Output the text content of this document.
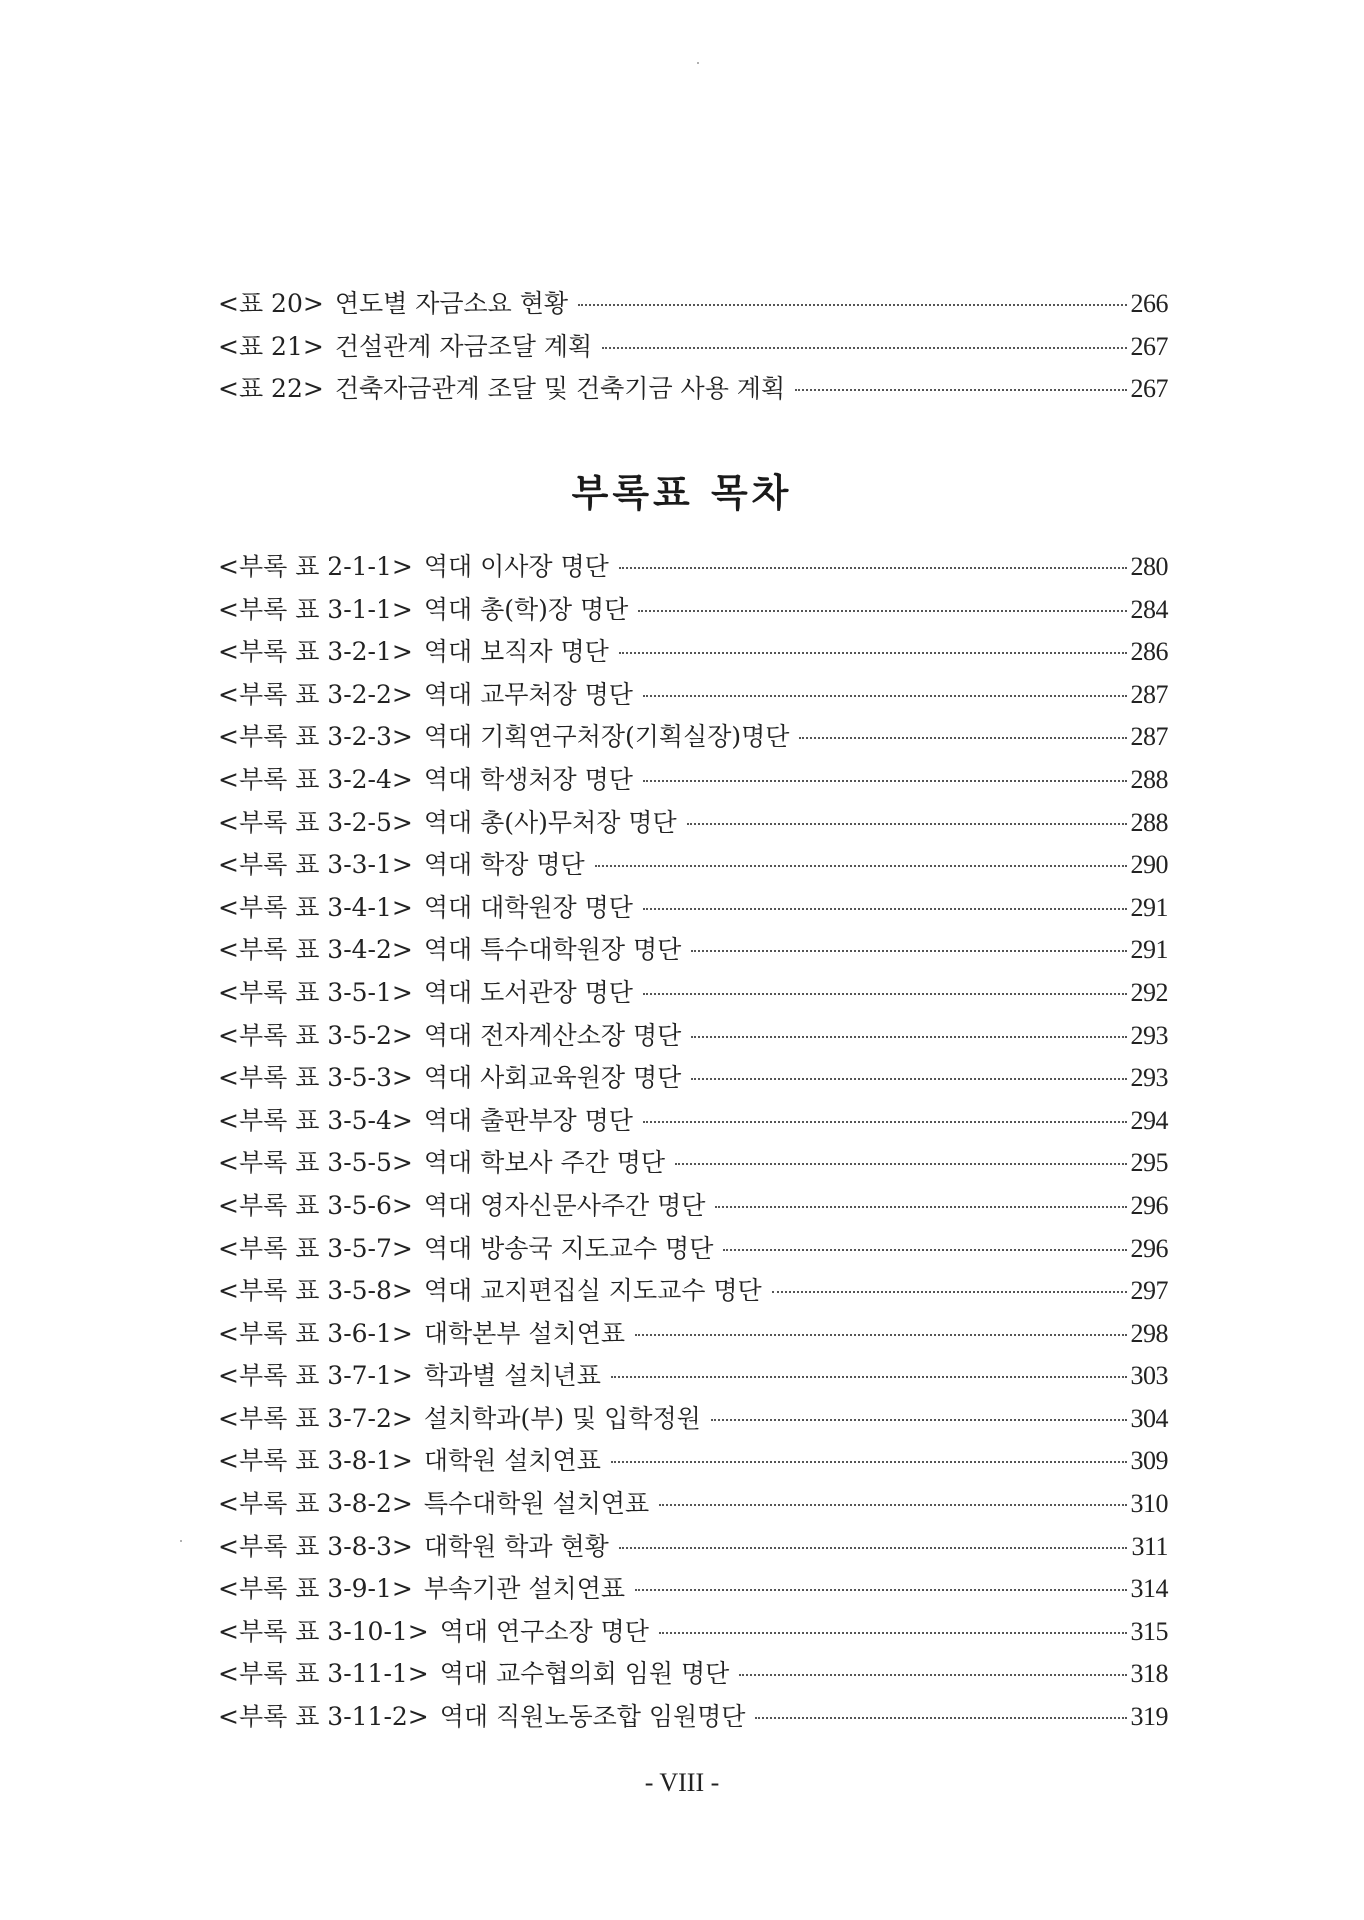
<표 20> 연도별 자금소요 현황	266
<표 21> 건설관계 자금조달 계획	267
<표 22> 건축자금관계 조달 및 건축기금 사용 계획	267
부록표 목차
<부록 표 2-1-1> 역대 이사장 명단	280
<부록 표 3-1-1> 역대 총(학)장 명단	284
<부록 표 3-2-1> 역대 보직자 명단	286
<부록 표 3-2-2> 역대 교무처장 명단	287
<부록 표 3-2-3> 역대 기획연구처장(기획실장)명단	287
<부록 표 3-2-4> 역대 학생처장 명단	288
<부록 표 3-2-5> 역대 총(사)무처장 명단	288
<부록 표 3-3-1> 역대 학장 명단	290
<부록 표 3-4-1> 역대 대학원장 명단	291
<부록 표 3-4-2> 역대 특수대학원장 명단	291
<부록 표 3-5-1> 역대 도서관장 명단	292
<부록 표 3-5-2> 역대 전자계산소장 명단	293
<부록 표 3-5-3> 역대 사회교육원장 명단	293
<부록 표 3-5-4> 역대 출판부장 명단	294
<부록 표 3-5-5> 역대 학보사 주간 명단	295
<부록 표 3-5-6> 역대 영자신문사주간 명단	296
<부록 표 3-5-7> 역대 방송국 지도교수 명단	296
<부록 표 3-5-8> 역대 교지편집실 지도교수 명단	297
<부록 표 3-6-1> 대학본부 설치연표	298
<부록 표 3-7-1> 학과별 설치년표	303
<부록 표 3-7-2> 설치학과(부) 및 입학정원	304
<부록 표 3-8-1> 대학원 설치연표	309
<부록 표 3-8-2> 특수대학원 설치연표	310
<부록 표 3-8-3> 대학원 학과 현황	311
<부록 표 3-9-1> 부속기관 설치연표	314
<부록 표 3-10-1> 역대 연구소장 명단	315
<부록 표 3-11-1> 역대 교수협의회 임원 명단	318
<부록 표 3-11-2> 역대 직원노동조합 임원명단	319
- VIII -
